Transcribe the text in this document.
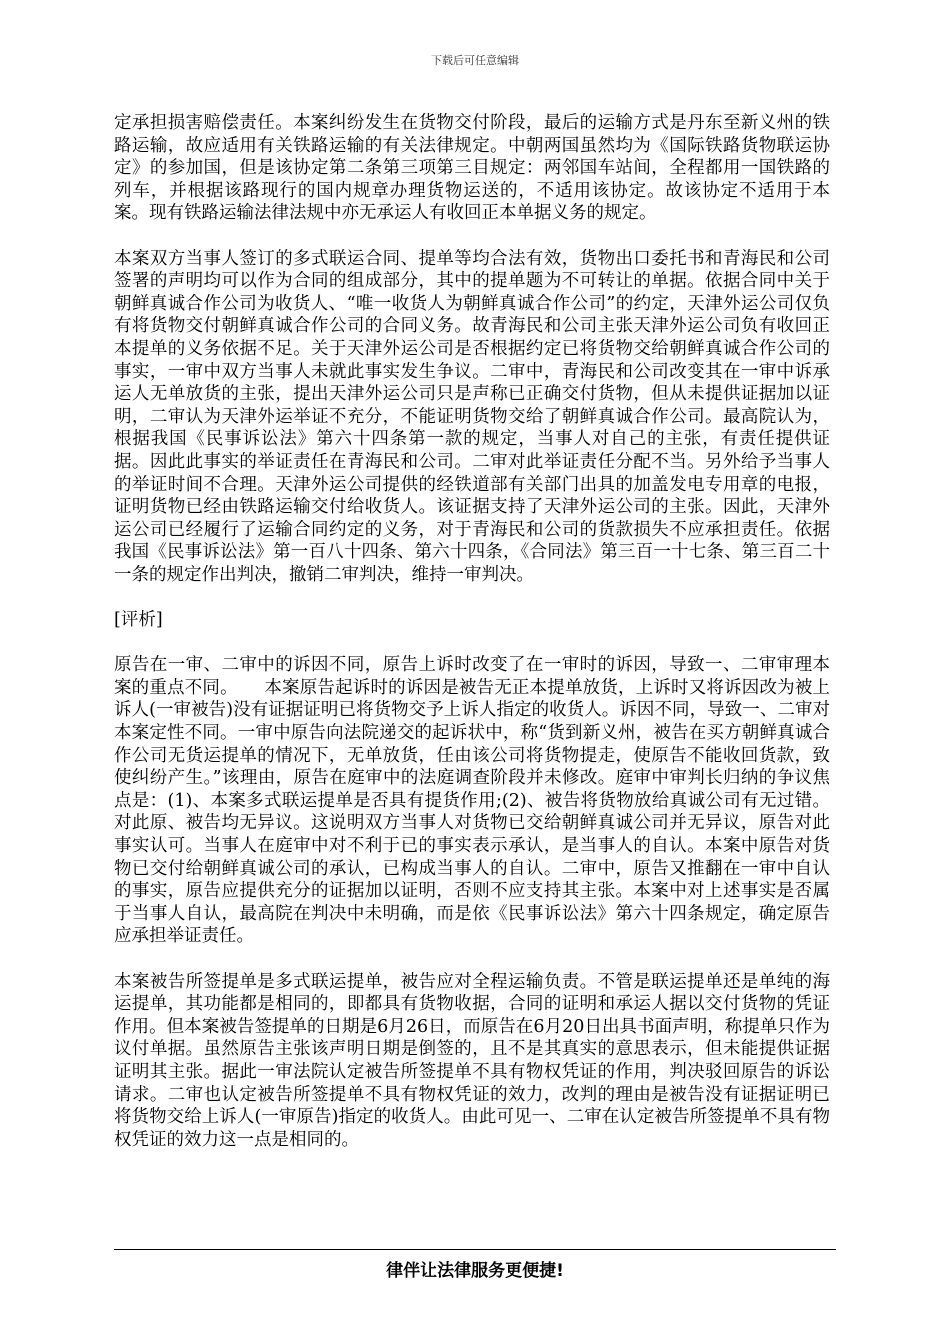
下载后可任意编辑

定承担损害赔偿责任。本案纠纷发生在货物交付阶段，最后的运输方式是丹东至新义州的铁路运输，故应适用有关铁路运输的有关法律规定。中朝两国虽然均为《国际铁路货物联运协定》的参加国，但是该协定第二条第三项第三目规定：两邻国车站间，全程都用一国铁路的列车，并根据该路现行的国内规章办理货物运送的，不适用该协定。故该协定不适用于本案。现有铁路运输法律法规中亦无承运人有收回正本单据义务的规定。

本案双方当事人签订的多式联运合同、提单等均合法有效，货物出口委托书和青海民和公司签署的声明均可以作为合同的组成部分，其中的提单题为不可转让的单据。依据合同中关于朝鲜真诚合作公司为收货人、“唯一收货人为朝鲜真诚合作公司”的约定，天津外运公司仅负有将货物交付朝鲜真诚合作公司的合同义务。故青海民和公司主张天津外运公司负有收回正本提单的义务依据不足。关于天津外运公司是否根据约定已将货物交给朝鲜真诚合作公司的事实，一审中双方当事人未就此事实发生争议。二审中，青海民和公司改变其在一审中诉承运人无单放货的主张，提出天津外运公司只是声称已正确交付货物，但从未提供证据加以证明，二审认为天津外运举证不充分，不能证明货物交给了朝鲜真诚合作公司。最高院认为，根据我国《民事诉讼法》第六十四条第一款的规定，当事人对自己的主张，有责任提供证据。因此此事实的举证责任在青海民和公司。二审对此举证责任分配不当。另外给予当事人的举证时间不合理。天津外运公司提供的经铁道部有关部门出具的加盖发电专用章的电报，证明货物已经由铁路运输交付给收货人。该证据支持了天津外运公司的主张。因此，天津外运公司已经履行了运输合同约定的义务，对于青海民和公司的货款损失不应承担责任。依据我国《民事诉讼法》第一百八十四条、第六十四条，《合同法》第三百一十七条、第三百二十一条的规定作出判决，撤销二审判决，维持一审判决。

[评析]

原告在一审、二审中的诉因不同，原告上诉时改变了在一审时的诉因，导致一、二审审理本案的重点不同。　　本案原告起诉时的诉因是被告无正本提单放货，上诉时又将诉因改为被上诉人(一审被告)没有证据证明已将货物交予上诉人指定的收货人。诉因不同，导致一、二审对本案定性不同。一审中原告向法院递交的起诉状中，称“货到新义州，被告在买方朝鲜真诚合作公司无货运提单的情况下，无单放货，任由该公司将货物提走，使原告不能收回货款，致使纠纷产生。”该理由，原告在庭审中的法庭调查阶段并未修改。庭审中审判长归纳的争议焦点是：(1)、本案多式联运提单是否具有提货作用;(2)、被告将货物放给真诚公司有无过错。对此原、被告均无异议。这说明双方当事人对货物已交给朝鲜真诚公司并无异议，原告对此事实认可。当事人在庭审中对不利于已的事实表示承认，是当事人的自认。本案中原告对货物已交付给朝鲜真诚公司的承认，已构成当事人的自认。二审中，原告又推翻在一审中自认的事实，原告应提供充分的证据加以证明，否则不应支持其主张。本案中对上述事实是否属于当事人自认，最高院在判决中未明确，而是依《民事诉讼法》第六十四条规定，确定原告应承担举证责任。

本案被告所签提单是多式联运提单，被告应对全程运输负责。不管是联运提单还是单纯的海运提单，其功能都是相同的，即都具有货物收据，合同的证明和承运人据以交付货物的凭证作用。但本案被告签提单的日期是6月26日，而原告在6月20日出具书面声明，称提单只作为议付单据。虽然原告主张该声明日期是倒签的，且不是其真实的意思表示，但未能提供证据证明其主张。据此一审法院认定被告所签提单不具有物权凭证的作用，判决驳回原告的诉讼请求。二审也认定被告所签提单不具有物权凭证的效力，改判的理由是被告没有证据证明已将货物交给上诉人(一审原告)指定的收货人。由此可见一、二审在认定被告所签提单不具有物权凭证的效力这一点是相同的。

律伴让法律服务更便捷!
